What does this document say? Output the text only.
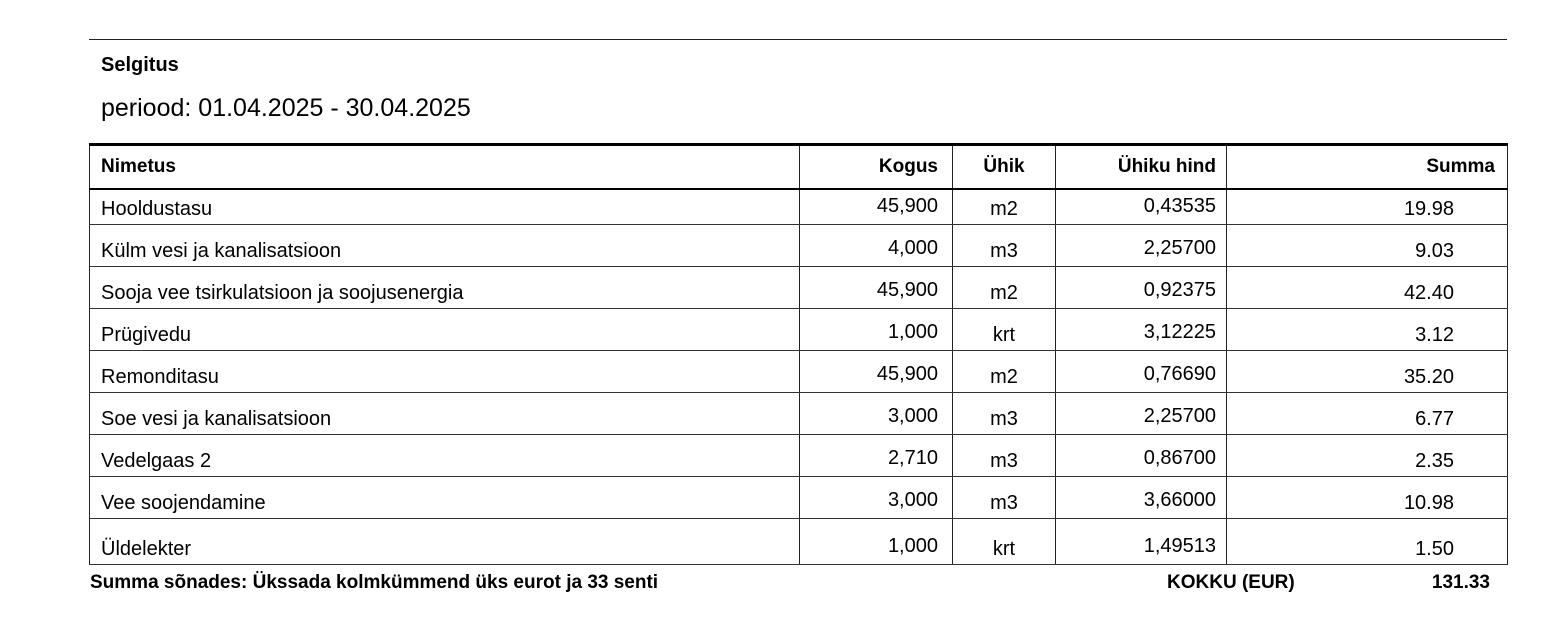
Selgitus
periood: 01.04.2025 - 30.04.2025
Nimetus	Kogus	Ühik	Ühiku hind	Summa
Hooldustasu	45,900	m2	0,43535	19.98
Külm vesi ja kanalisatsioon	4,000	m3	2,25700	9.03
Sooja vee tsirkulatsioon ja soojusenergia	45,900	m2	0,92375	42.40
Prügivedu	1,000	krt	3,12225	3.12
Remonditasu	45,900	m2	0,76690	35.20
Soe vesi ja kanalisatsioon	3,000	m3	2,25700	6.77
Vedelgaas 2	2,710	m3	0,86700	2.35
Vee soojendamine	3,000	m3	3,66000	10.98
Üldelekter	1,000	krt	1,49513	1.50
Summa sõnades: Ükssada kolmkümmend üks eurot ja 33 senti	KOKKU (EUR)	131.33
